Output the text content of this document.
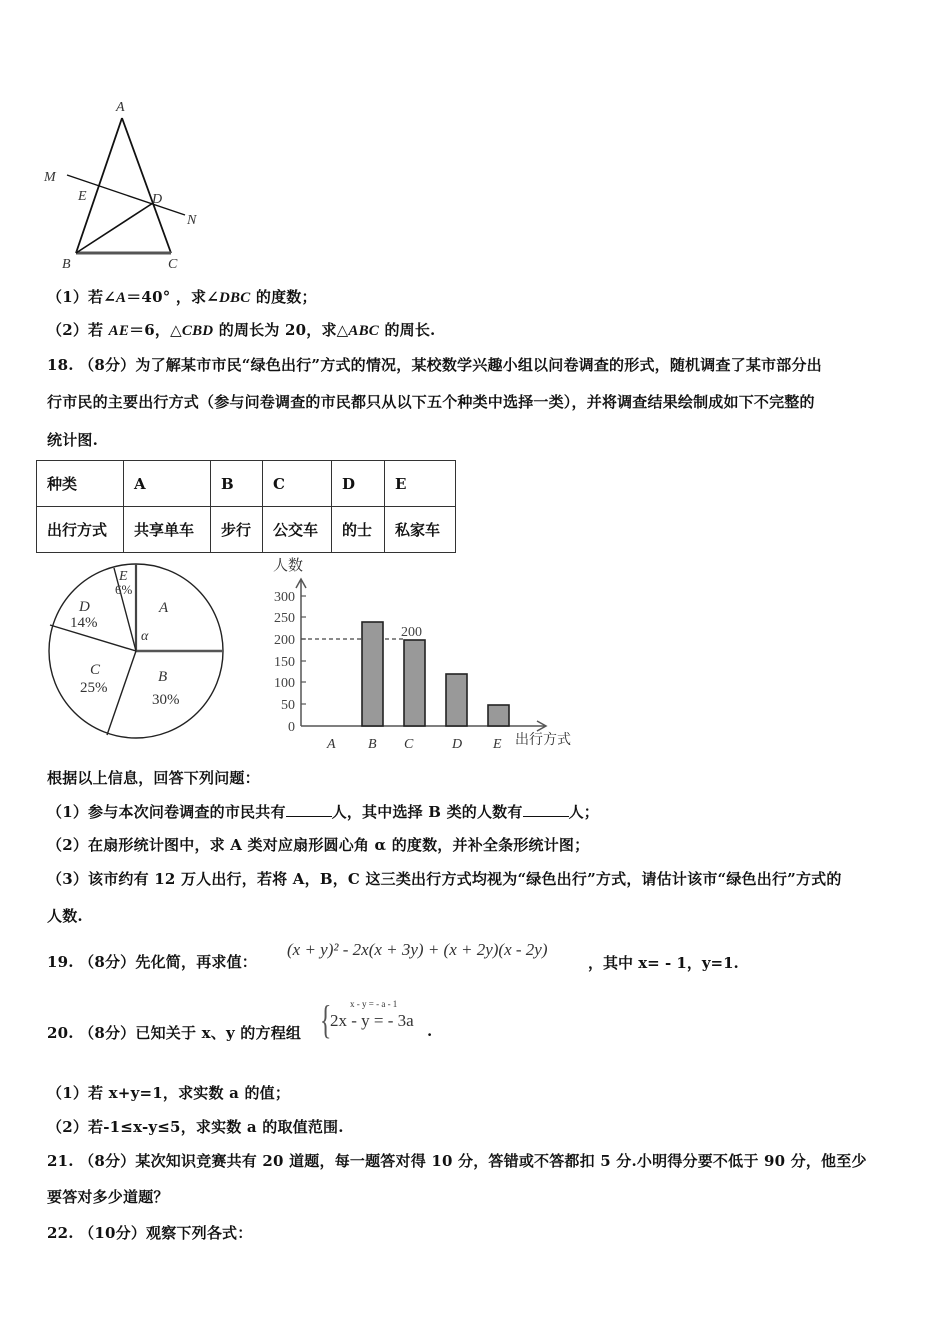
A
M
E	D
N
B	C
（1）若∠A＝40° ，求∠DBC 的度数；
（2）若 AE＝6，△CBD 的周长为 20，求△ABC 的周长.
18. （8分）为了解某市市民“绿色出行”方式的情况，某校数学兴趣小组以问卷调查的形式，随机调查了某市部分出
行市民的主要出行方式（参与问卷调查的市民都只从以下五个种类中选择一类），并将调查结果绘制成如下不完整的
统计图.
种类	A	B	C	D	E
出行方式	共享单车	步行	公交车	的士	私家车
A
α
B
30%
C
25%
D
14%
E
6%
人数
300
250
200
150
100
50
0
200
A B C	D E 出行方式
根据以上信息，回答下列问题：
（1）参与本次问卷调查的市民共有	人，其中选择 B 类的人数有	人；
（2）在扇形统计图中，求 A 类对应扇形圆心角 α 的度数，并补全条形统计图；
（3）该市约有 12 万人出行，若将 A，B，C 这三类出行方式均视为“绿色出行”方式，请估计该市“绿色出行”方式的
人数.
19. （8分）先化简，再求值：
(x + y)² - 2x(x + 3y) + (x + 2y)(x - 2y)
，其中 x= - 1，y=1.
20. （8分）已知关于 x、y 的方程组 { x - y = - a - 1
2x - y = - 3a
.
（1）若 x+y=1，求实数 a 的值；
（2）若-1≤x-y≤5，求实数 a 的取值范围.
21. （8分）某次知识竞赛共有 20 道题，每一题答对得 10 分，答错或不答都扣 5 分.小明得分要不低于 90 分，他至少
要答对多少道题？
22. （10分）观察下列各式：
